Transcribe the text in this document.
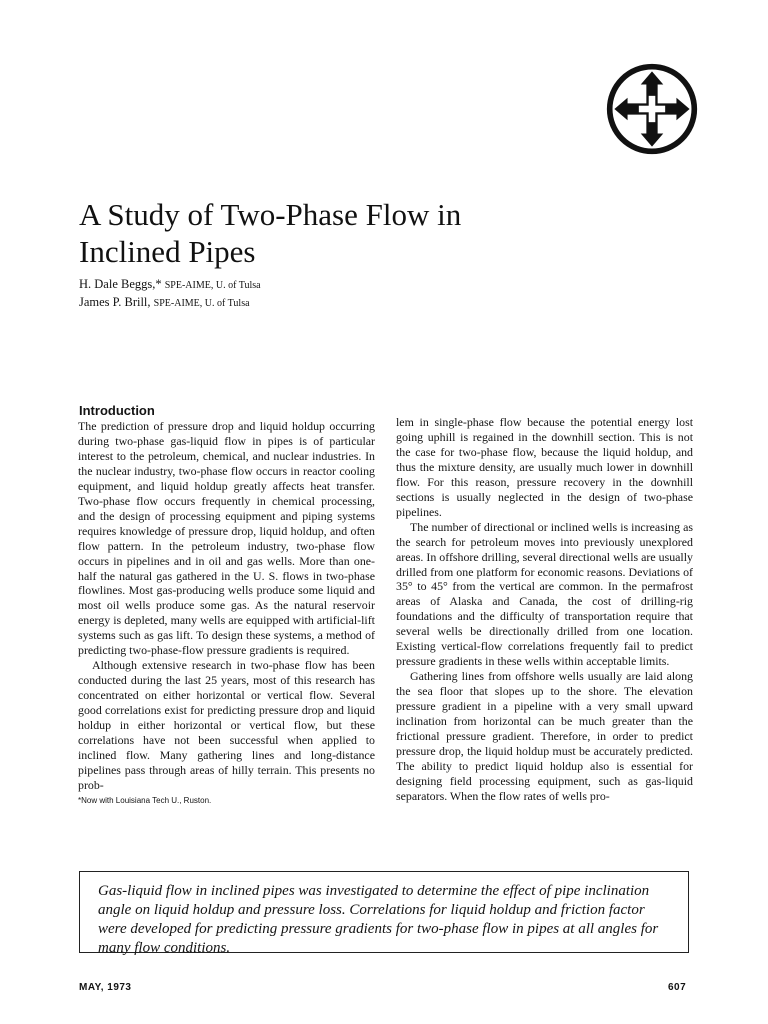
A Study of Two-Phase Flow in
Inclined Pipes
H. Dale Beggs,* SPE-AIME, U. of Tulsa
James P. Brill, SPE-AIME, U. of Tulsa
Introduction

The prediction of pressure drop and liquid holdup occurring during two-phase gas-liquid flow in pipes is of particular interest to the petroleum, chemical, and nuclear industries. In the nuclear industry, two-phase flow occurs in reactor cooling equipment, and liquid holdup greatly affects heat transfer. Two-phase flow occurs frequently in chemical processing, and the design of processing equipment and piping systems requires knowledge of pressure drop, liquid holdup, and often flow pattern. In the petroleum industry, two-phase flow occurs in pipelines and in oil and gas wells. More than one-half the natural gas gathered in the U. S. flows in two-phase flowlines. Most gas-producing wells produce some liquid and most oil wells produce some gas. As the natural reservoir energy is depleted, many wells are equipped with artificial-lift systems such as gas lift. To design these systems, a method of predicting two-phase-flow pressure gradients is required.

Although extensive research in two-phase flow has been conducted during the last 25 years, most of this research has concentrated on either horizontal or vertical flow. Several good correlations exist for predicting pressure drop and liquid holdup in either horizontal or vertical flow, but these correlations have not been successful when applied to inclined flow. Many gathering lines and long-distance pipelines pass through areas of hilly terrain. This presents no prob-

*Now with Louisiana Tech U., Ruston.

lem in single-phase flow because the potential energy lost going uphill is regained in the downhill section. This is not the case for two-phase flow, because the liquid holdup, and thus the mixture density, are usually much lower in downhill flow. For this reason, pressure recovery in the downhill sections is usually neglected in the design of two-phase pipelines.

The number of directional or inclined wells is increasing as the search for petroleum moves into previously unexplored areas. In offshore drilling, several directional wells are usually drilled from one platform for economic reasons. Deviations of 35° to 45° from the vertical are common. In the permafrost areas of Alaska and Canada, the cost of drilling-rig foundations and the difficulty of transportation require that several wells be directionally drilled from one location. Existing vertical-flow correlations frequently fail to predict pressure gradients in these wells within acceptable limits.

Gathering lines from offshore wells usually are laid along the sea floor that slopes up to the shore. The elevation pressure gradient in a pipeline with a very small upward inclination from horizontal can be much greater than the frictional pressure gradient. Therefore, in order to predict pressure drop, the liquid holdup must be accurately predicted. The ability to predict liquid holdup also is essential for designing field processing equipment, such as gas-liquid separators. When the flow rates of wells pro-

Gas-liquid flow in inclined pipes was investigated to determine the effect of pipe inclination angle on liquid holdup and pressure loss. Correlations for liquid holdup and friction factor were developed for predicting pressure gradients for two-phase flow in pipes at all angles for many flow conditions.
MAY, 1973	607
